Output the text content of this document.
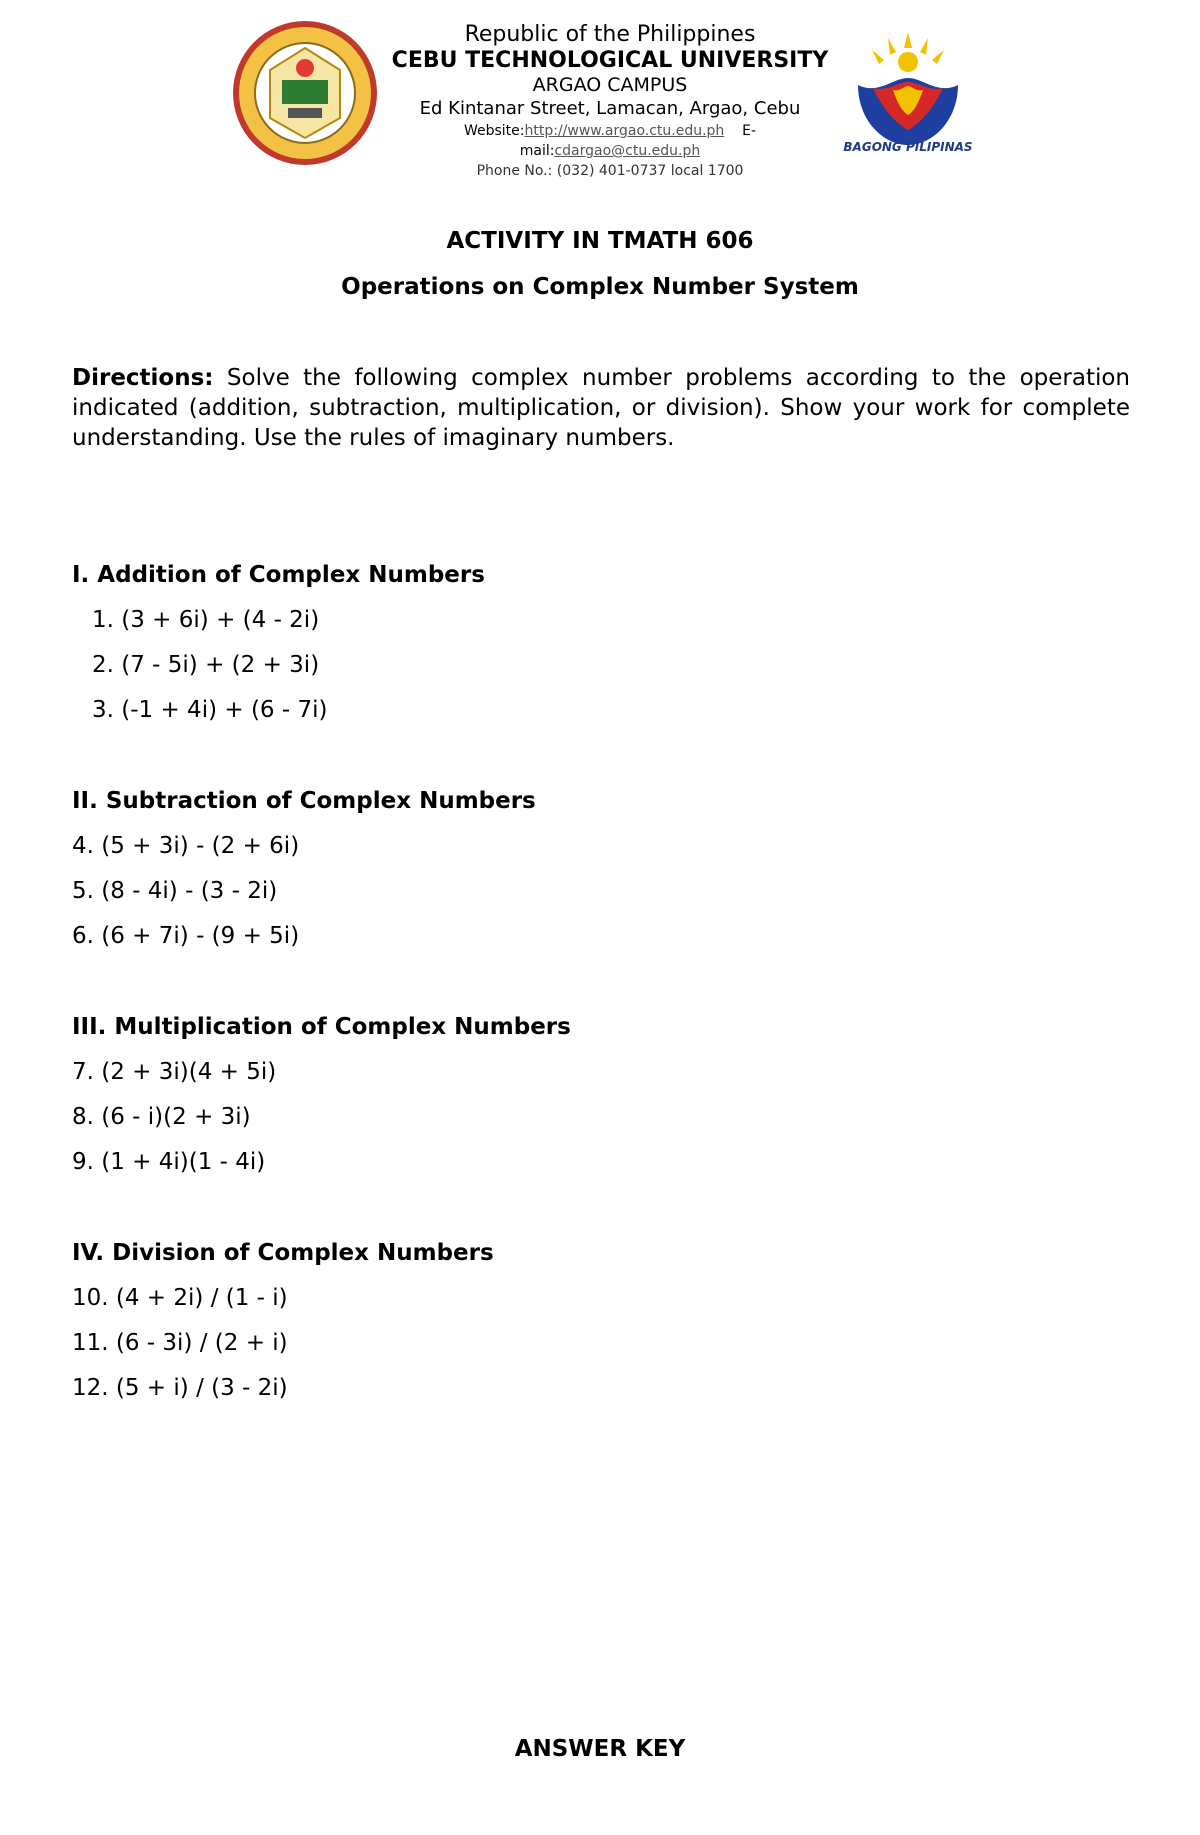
Republic of the Philippines
CEBU TECHNOLOGICAL UNIVERSITY
ARGAO CAMPUS
Ed Kintanar Street, Lamacan, Argao, Cebu
Website:http://www.argao.ctu.edu.ph E-mail:cdargao@ctu.edu.ph
Phone No.: (032) 401-0737 local 1700
BAGONG PILIPINAS
ACTIVITY IN TMATH 606
Operations on Complex Number System
Directions: Solve the following complex number problems according to the operation indicated (addition, subtraction, multiplication, or division). Show your work for complete understanding. Use the rules of imaginary numbers.
I. Addition of Complex Numbers
1. (3 + 6i) + (4 - 2i)
2. (7 - 5i) + (2 + 3i)
3. (-1 + 4i) + (6 - 7i)
II. Subtraction of Complex Numbers
4. (5 + 3i) - (2 + 6i)
5. (8 - 4i) - (3 - 2i)
6. (6 + 7i) - (9 + 5i)
III. Multiplication of Complex Numbers
7. (2 + 3i)(4 + 5i)
8. (6 - i)(2 + 3i)
9. (1 + 4i)(1 - 4i)
IV. Division of Complex Numbers
10. (4 + 2i) / (1 - i)
11. (6 - 3i) / (2 + i)
12. (5 + i) / (3 - 2i)
ANSWER KEY
